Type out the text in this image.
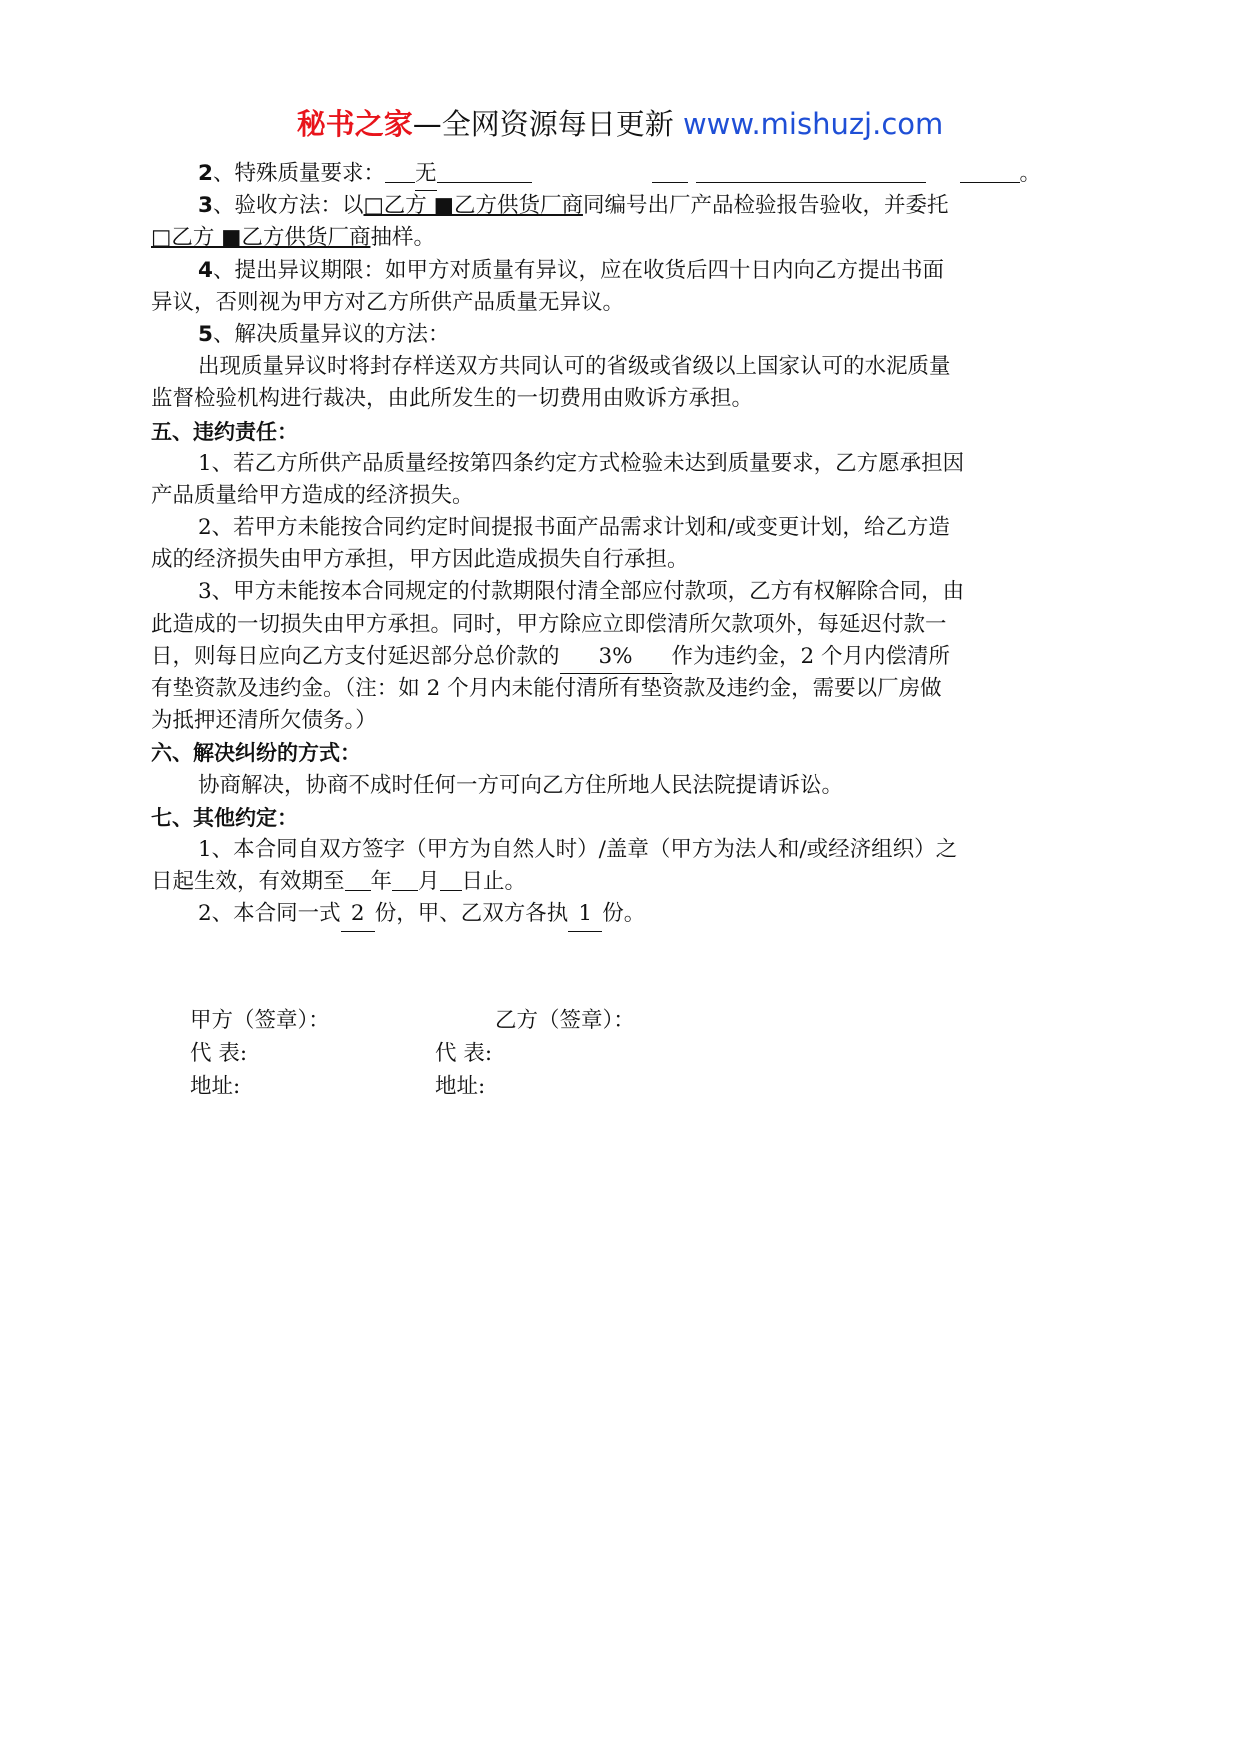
秘书之家—全网资源每日更新 www.mishuzj.com
2、特殊质量要求： 无	。
3、验收方法：以□乙方 ■乙方供货厂商同编号出厂产品检验报告验收，并委托
□乙方 ■乙方供货厂商抽样。
4、提出异议期限：如甲方对质量有异议，应在收货后四十日内向乙方提出书面
异议，否则视为甲方对乙方所供产品质量无异议。
5、解决质量异议的方法：
出现质量异议时将封存样送双方共同认可的省级或省级以上国家认可的水泥质量
监督检验机构进行裁决，由此所发生的一切费用由败诉方承担。
五、违约责任：
1、若乙方所供产品质量经按第四条约定方式检验未达到质量要求，乙方愿承担因
产品质量给甲方造成的经济损失。
2、若甲方未能按合同约定时间提报书面产品需求计划和/或变更计划，给乙方造
成的经济损失由甲方承担，甲方因此造成损失自行承担。
3、甲方未能按本合同规定的付款期限付清全部应付款项，乙方有权解除合同，由
此造成的一切损失由甲方承担。同时，甲方除应立即偿清所欠款项外，每延迟付款一
日，则每日应向乙方支付延迟部分总价款的 3% 作为违约金，2 个月内偿清所
有垫资款及违约金。（注：如 2 个月内未能付清所有垫资款及违约金，需要以厂房做
为抵押还清所欠债务。）
六、解决纠纷的方式：
协商解决，协商不成时任何一方可向乙方住所地人民法院提请诉讼。
七、其他约定：
1、本合同自双方签字（甲方为自然人时）/盖章（甲方为法人和/或经济组织）之
日起生效，有效期至 年 月 日止。
2、本合同一式 2 份，甲、乙双方各执 1 份。
甲方（签章）：	乙方（签章）：
代 表:	代 表:
地址:	地址:
